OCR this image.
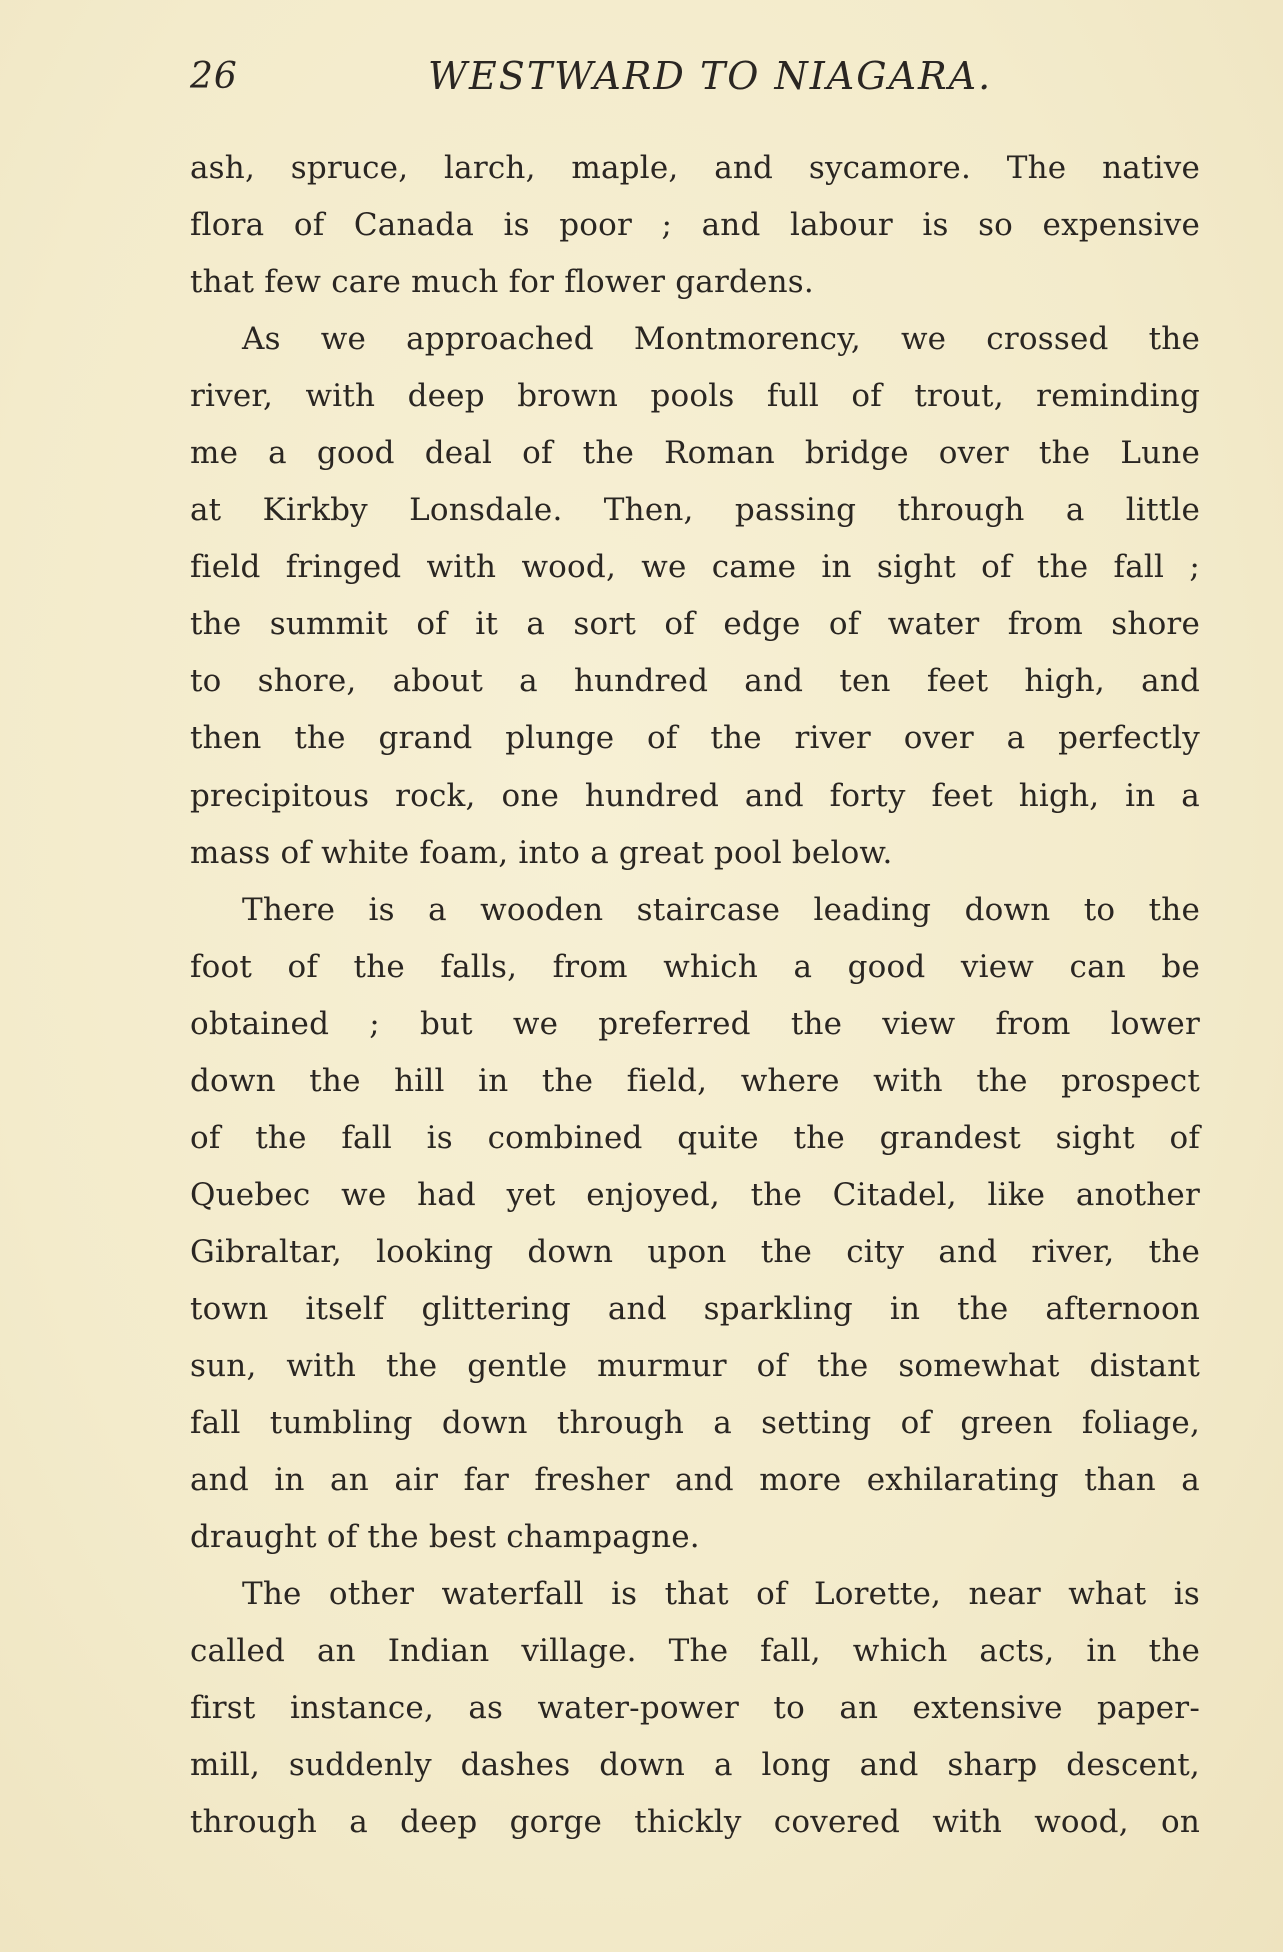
26	WESTWARD TO NIAGARA.
ash, spruce, larch, maple, and sycamore. The native
flora of Canada is poor ; and labour is so expensive
that few care much for flower gardens.
As we approached Montmorency, we crossed the
river, with deep brown pools full of trout, reminding
me a good deal of the Roman bridge over the Lune
at Kirkby Lonsdale. Then, passing through a little
field fringed with wood, we came in sight of the fall ;
the summit of it a sort of edge of water from shore
to shore, about a hundred and ten feet high, and
then the grand plunge of the river over a perfectly
precipitous rock, one hundred and forty feet high, in a
mass of white foam, into a great pool below.
There is a wooden staircase leading down to the
foot of the falls, from which a good view can be
obtained ; but we preferred the view from lower
down the hill in the field, where with the prospect
of the fall is combined quite the grandest sight of
Quebec we had yet enjoyed, the Citadel, like another
Gibraltar, looking down upon the city and river, the
town itself glittering and sparkling in the afternoon
sun, with the gentle murmur of the somewhat distant
fall tumbling down through a setting of green foliage,
and in an air far fresher and more exhilarating than a
draught of the best champagne.
The other waterfall is that of Lorette, near what is
called an Indian village. The fall, which acts, in the
first instance, as water-power to an extensive paper-
mill, suddenly dashes down a long and sharp descent,
through a deep gorge thickly covered with wood, on
